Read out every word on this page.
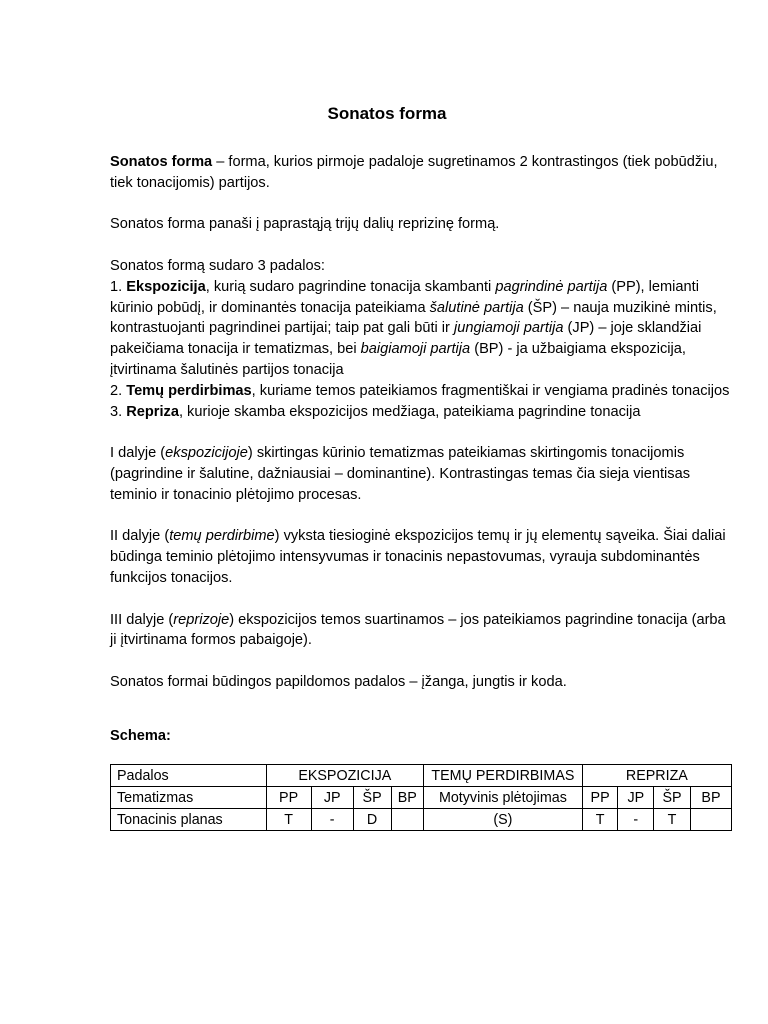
Sonatos forma

Sonatos forma – forma, kurios pirmoje padaloje sugretinamos 2 kontrastingos (tiek pobūdžiu, tiek tonacijomis) partijos.

Sonatos forma panaši į paprastąją trijų dalių reprizinę formą.

Sonatos formą sudaro 3 padalos:

1. Ekspozicija, kurią sudaro pagrindine tonacija skambanti pagrindinė partija (PP), lemianti kūrinio pobūdį, ir dominantės tonacija pateikiama šalutinė partija (ŠP) – nauja muzikinė mintis, kontrastuojanti pagrindinei partijai; taip pat gali būti ir jungiamoji partija (JP) – joje sklandžiai pakeičiama tonacija ir tematizmas, bei baigiamoji partija (BP) - ja užbaigiama ekspozicija, įtvirtinama šalutinės partijos tonacija

2. Temų perdirbimas, kuriame temos pateikiamos fragmentiškai ir vengiama pradinės tonacijos

3. Repriza, kurioje skamba ekspozicijos medžiaga, pateikiama pagrindine tonacija

I dalyje (ekspozicijoje) skirtingas kūrinio tematizmas pateikiamas skirtingomis tonacijomis (pagrindine ir šalutine, dažniausiai – dominantine). Kontrastingas temas čia sieja vientisas teminio ir tonacinio plėtojimo procesas.

II dalyje (temų perdirbime) vyksta tiesioginė ekspozicijos temų ir jų elementų sąveika. Šiai daliai būdinga teminio plėtojimo intensyvumas ir tonacinis nepastovumas, vyrauja subdominantės funkcijos tonacijos.

III dalyje (reprizoje) ekspozicijos temos suartinamos – jos pateikiamos pagrindine tonacija (arba ji įtvirtinama formos pabaigoje).

Sonatos formai būdingos papildomos padalos – įžanga, jungtis ir koda.

Schema:

Padalos	EKSPOZICIJA				TEMŲ PERDIRBIMAS	REPRIZA			
Tematizmas	PP	JP	ŠP	BP	Motyvinis plėtojimas	PP	JP	ŠP	BP
Tonacinis planas	T	-	D		(S)	T	-	T	
